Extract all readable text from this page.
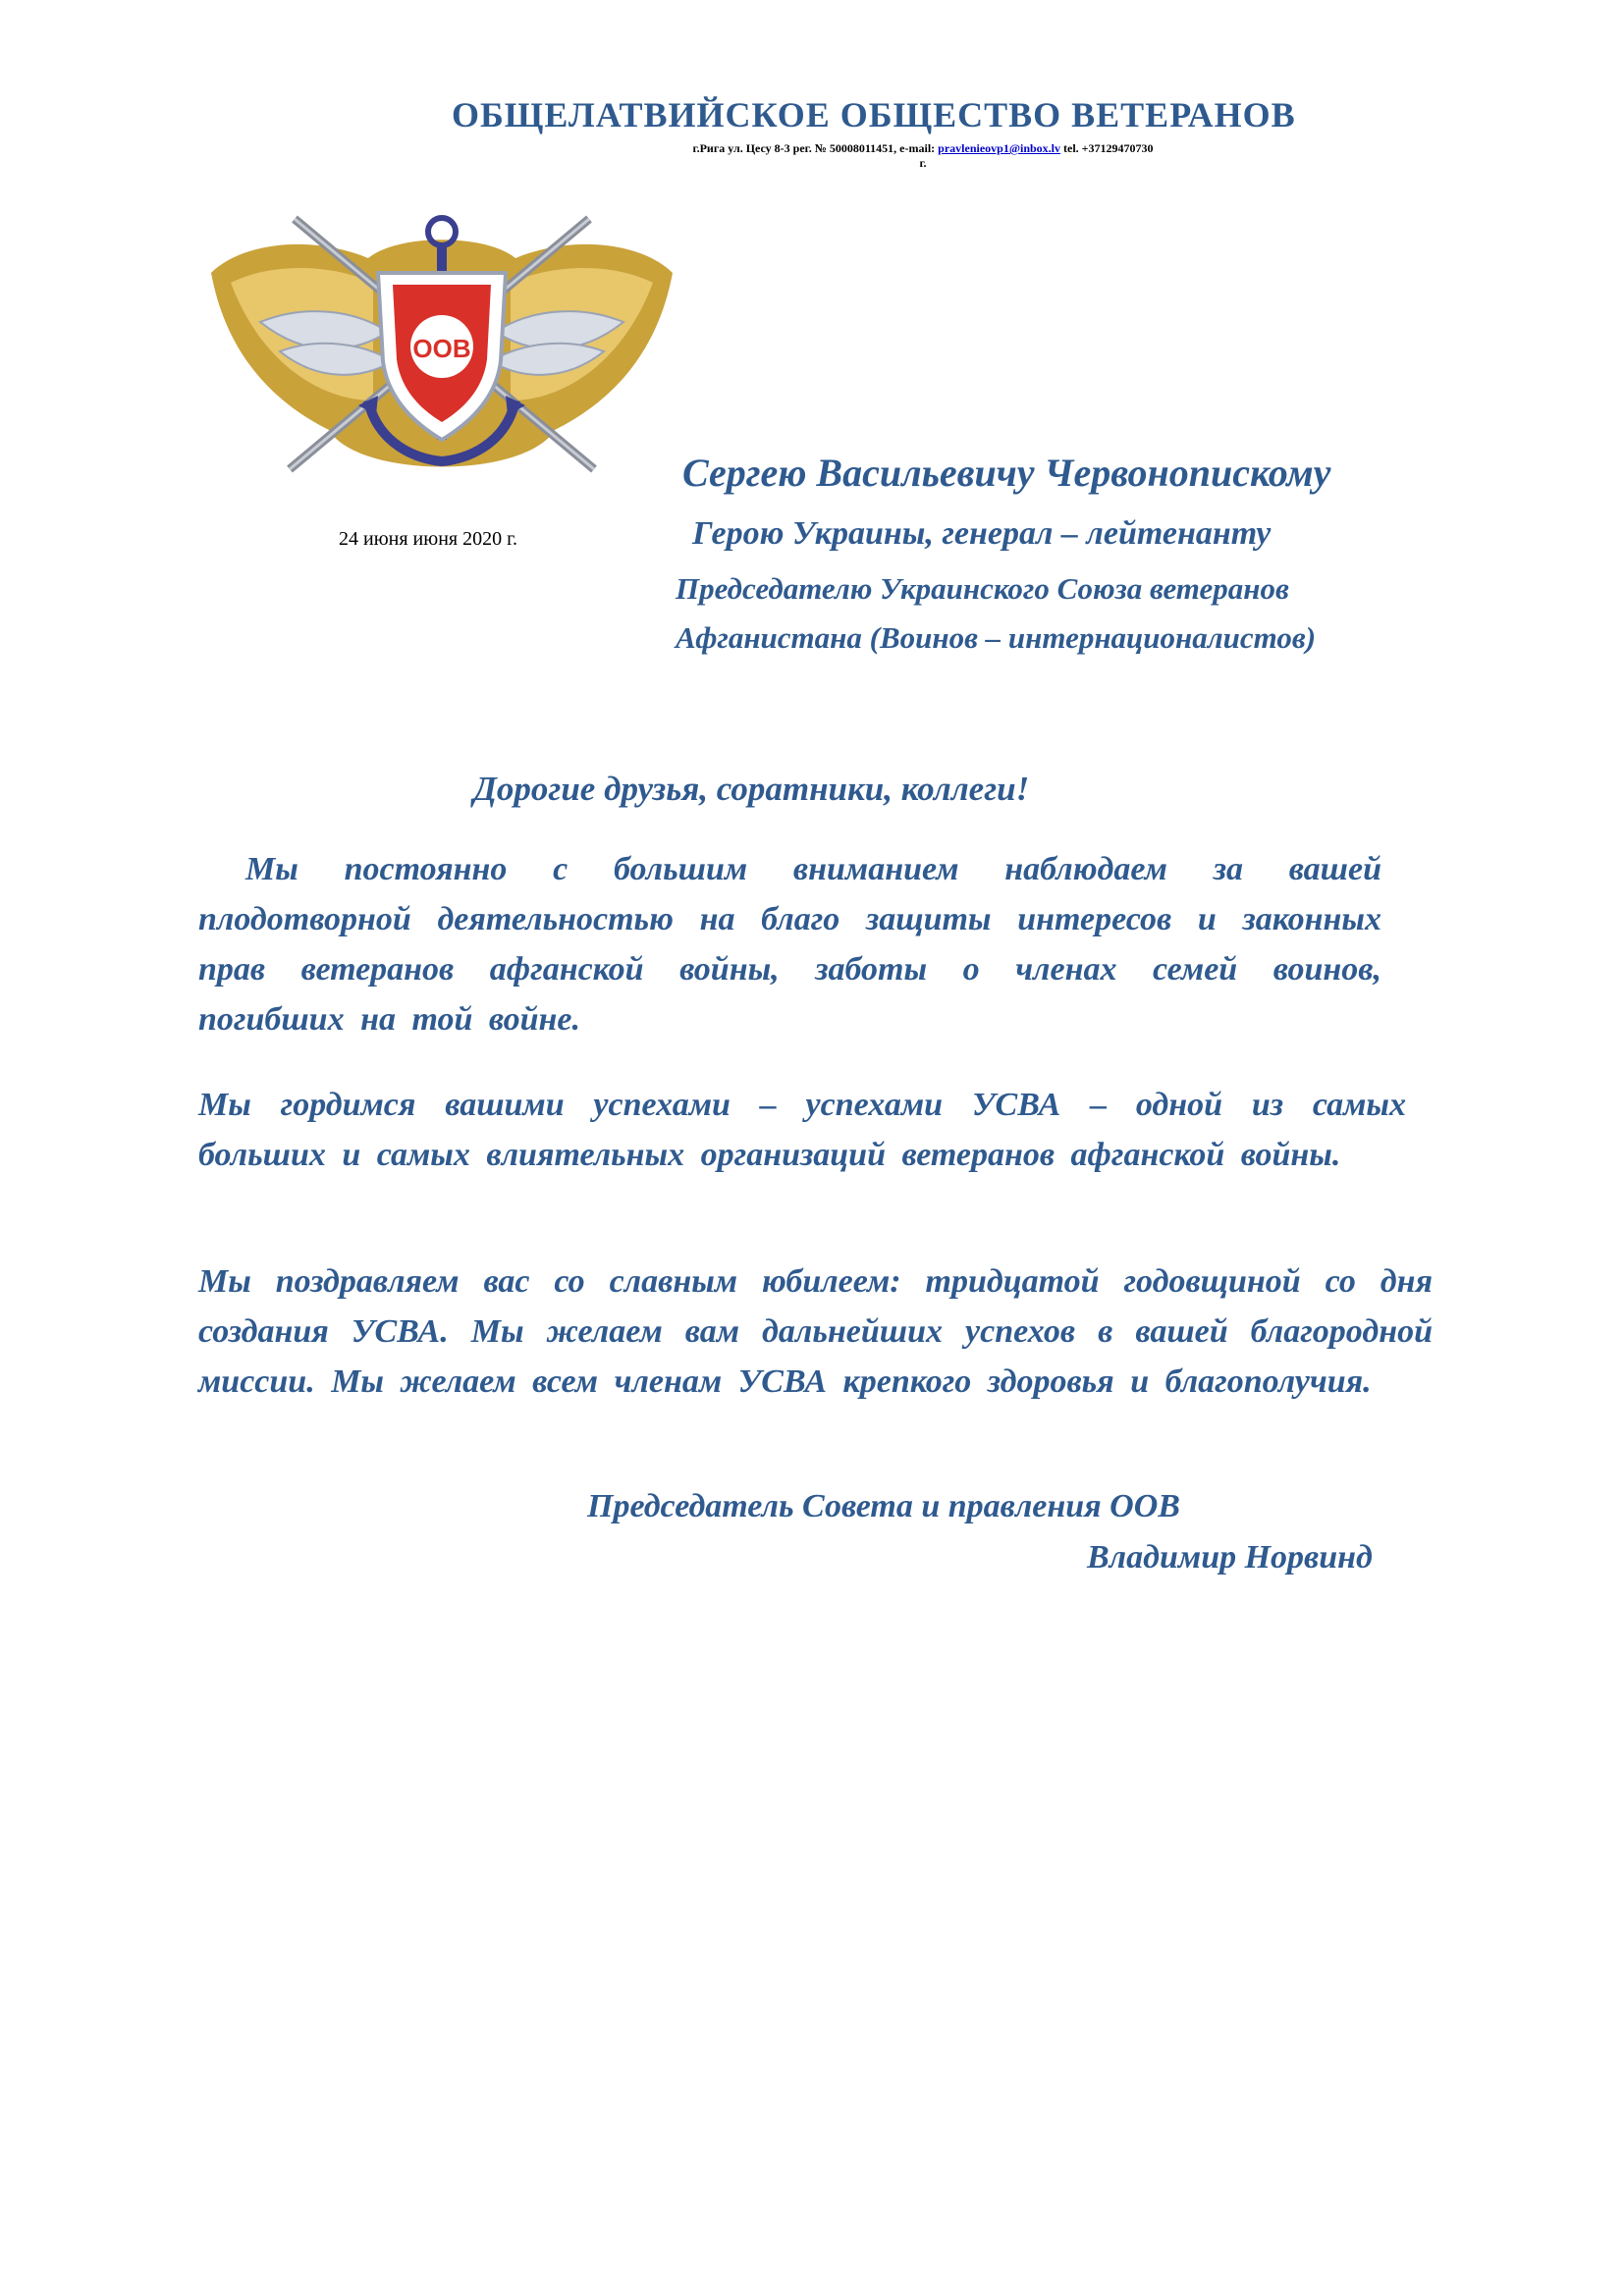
ОБЩЕЛАТВИЙСКОЕ ОБЩЕСТВО ВЕТЕРАНОВ
г.Рига ул. Цесу 8-3 рег. № 50008011451, e-mail: pravlenieovp1@inbox.lv tel. +37129470730
г.
ООВ
24 июня июня 2020 г.
Сергею Васильевичу Червонопискому
Герою Украины, генерал – лейтенанту
Председателю Украинского Союза ветеранов
Афганистана (Воинов – интернационалистов)
Дорогие друзья, соратники, коллеги!
Мы постоянно с большим вниманием наблюдаем за вашей плодотворной деятельностью на благо защиты интересов и законных прав ветеранов афганской войны, заботы о членах семей воинов, погибших на той войне.
Мы гордимся вашими успехами – успехами УСВА – одной из самых больших и самых влиятельных организаций ветеранов афганской войны.
Мы поздравляем вас со славным юбилеем: тридцатой годовщиной со дня создания УСВА. Мы желаем вам дальнейших успехов в вашей благородной миссии. Мы желаем всем членам УСВА крепкого здоровья и благополучия.
Председатель Совета и правления ООВ
Владимир Норвинд
